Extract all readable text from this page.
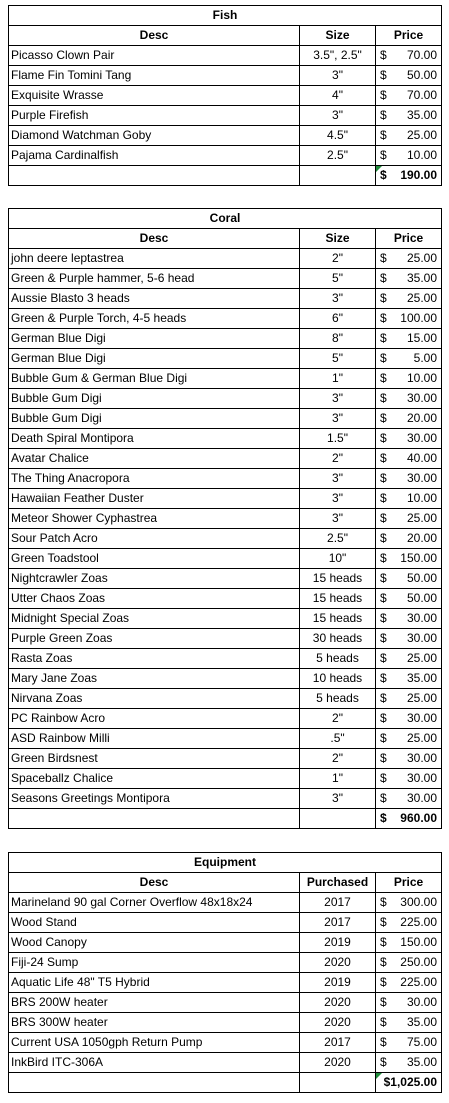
Fish		
Desc	Size	Price
Picasso Clown Pair	3.5", 2.5"	$ 70.00

Flame Fin Tomini Tang	3"	$ 50.00

Exquisite Wrasse	4"	$ 70.00

Purple Firefish	3"	$ 35.00

Diamond Watchman Goby	4.5"	$ 25.00

Pajama Cardinalfish	2.5"	$ 10.00

		$ 190.00
Coral		
Desc	Size	Price
john deere leptastrea	2"	$ 25.00

Green & Purple hammer, 5-6 head	5"	$ 35.00

Aussie Blasto 3 heads	3"	$ 25.00

Green & Purple Torch, 4-5 heads	6"	$ 100.00

German Blue Digi	8"	$ 15.00

German Blue Digi	5"	$ 5.00

Bubble Gum & German Blue Digi	1"	$ 10.00

Bubble Gum Digi	3"	$ 30.00

Bubble Gum Digi	3"	$ 20.00

Death Spiral Montipora	1.5"	$ 30.00

Avatar Chalice	2"	$ 40.00

The Thing Anacropora	3"	$ 30.00

Hawaiian Feather Duster	3"	$ 10.00

Meteor Shower Cyphastrea	3"	$ 25.00

Sour Patch Acro	2.5"	$ 20.00

Green Toadstool	10"	$ 150.00

Nightcrawler Zoas	15 heads	$ 50.00

Utter Chaos Zoas	15 heads	$ 50.00

Midnight Special Zoas	15 heads	$ 30.00

Purple Green Zoas	30 heads	$ 30.00

Rasta Zoas	5 heads	$ 25.00

Mary Jane Zoas	10 heads	$ 35.00

Nirvana Zoas	5 heads	$ 25.00

PC Rainbow Acro	2"	$ 30.00

ASD Rainbow Milli	.5"	$ 25.00

Green Birdsnest	2"	$ 30.00

Spaceballz Chalice	1"	$ 30.00

Seasons Greetings Montipora	3"	$ 30.00

		$ 960.00
Equipment		
Desc	Purchased	Price
Marineland 90 gal Corner Overflow 48x18x24	2017	$ 300.00

Wood Stand	2017	$ 225.00

Wood Canopy	2019	$ 150.00

Fiji-24 Sump	2020	$ 250.00

Aquatic Life 48" T5 Hybrid	2019	$ 225.00

BRS 200W heater	2020	$ 30.00

BRS 300W heater	2020	$ 35.00

Current USA 1050gph Return Pump	2017	$ 75.00

InkBird ITC-306A	2020	$ 35.00

		$1,025.00
